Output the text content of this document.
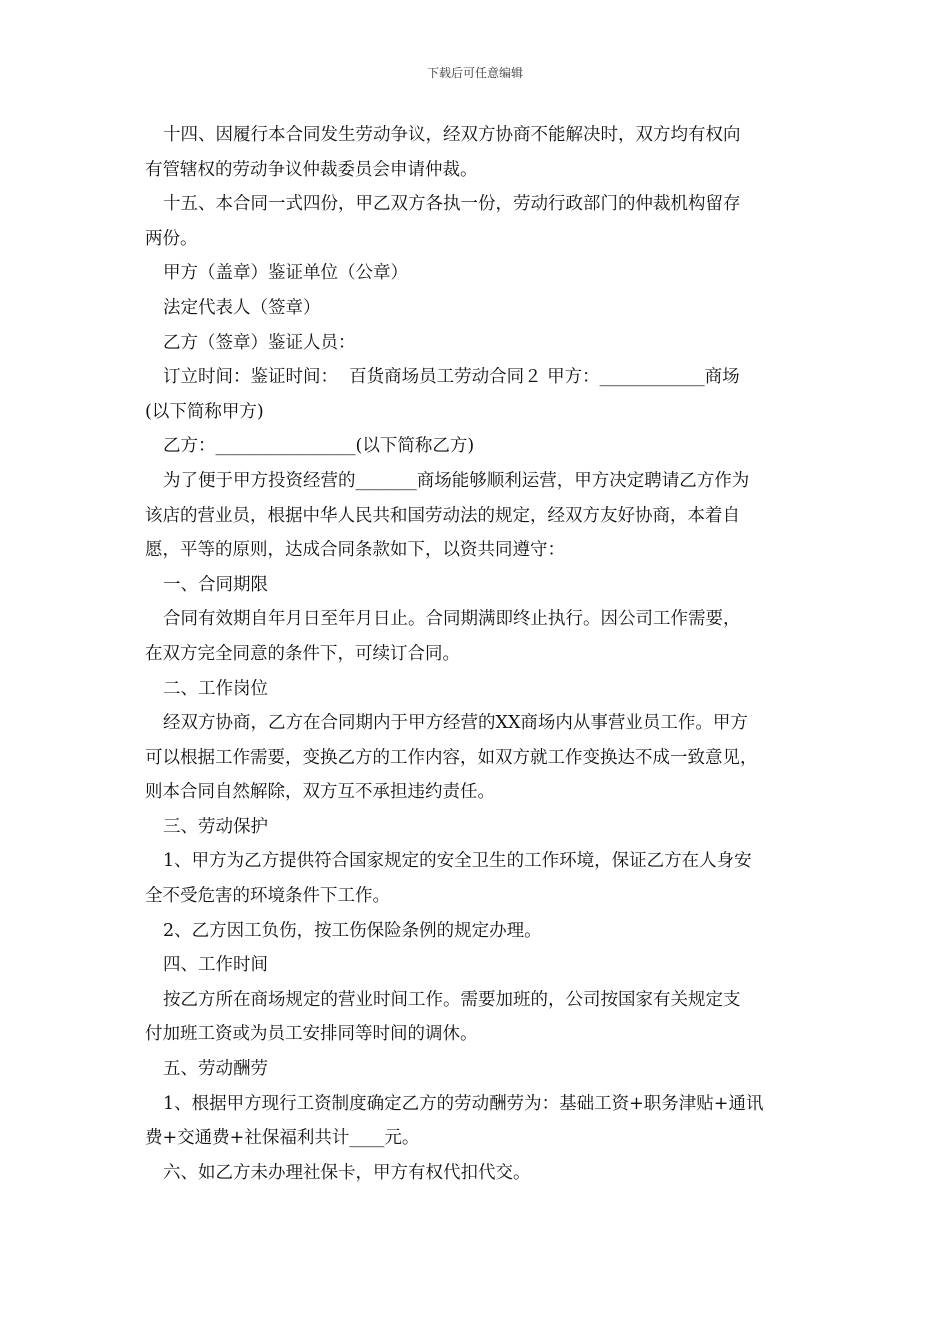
下载后可任意编辑
十四、因履行本合同发生劳动争议，经双方协商不能解决时，双方均有权向
有管辖权的劳动争议仲裁委员会申请仲裁。
十五、本合同一式四份，甲乙双方各执一份，劳动行政部门的仲裁机构留存
两份。
甲方（盖章）鉴证单位（公章）
法定代表人（签章）
乙方（签章）鉴证人员：
订立时间：鉴证时间：  百货商场员工劳动合同２ 甲方：____________商场
(以下简称甲方)
乙方：________________(以下简称乙方)
为了便于甲方投资经营的_______商场能够顺利运营，甲方决定聘请乙方作为
该店的营业员，根据中华人民共和国劳动法的规定，经双方友好协商，本着自
愿，平等的原则，达成合同条款如下，以资共同遵守：
一、合同期限
合同有效期自年月日至年月日止。合同期满即终止执行。因公司工作需要，
在双方完全同意的条件下，可续订合同。
二、工作岗位
经双方协商，乙方在合同期内于甲方经营的XX商场内从事营业员工作。甲方
可以根据工作需要，变换乙方的工作内容，如双方就工作变换达不成一致意见，
则本合同自然解除，双方互不承担违约责任。
三、劳动保护
1、甲方为乙方提供符合国家规定的安全卫生的工作环境，保证乙方在人身安
全不受危害的环境条件下工作。
2、乙方因工负伤，按工伤保险条例的规定办理。
四、工作时间
按乙方所在商场规定的营业时间工作。需要加班的，公司按国家有关规定支
付加班工资或为员工安排同等时间的调休。
五、劳动酬劳
1、根据甲方现行工资制度确定乙方的劳动酬劳为：基础工资+职务津贴+通讯
费+交通费+社保福利共计____元。
六、如乙方未办理社保卡，甲方有权代扣代交。
